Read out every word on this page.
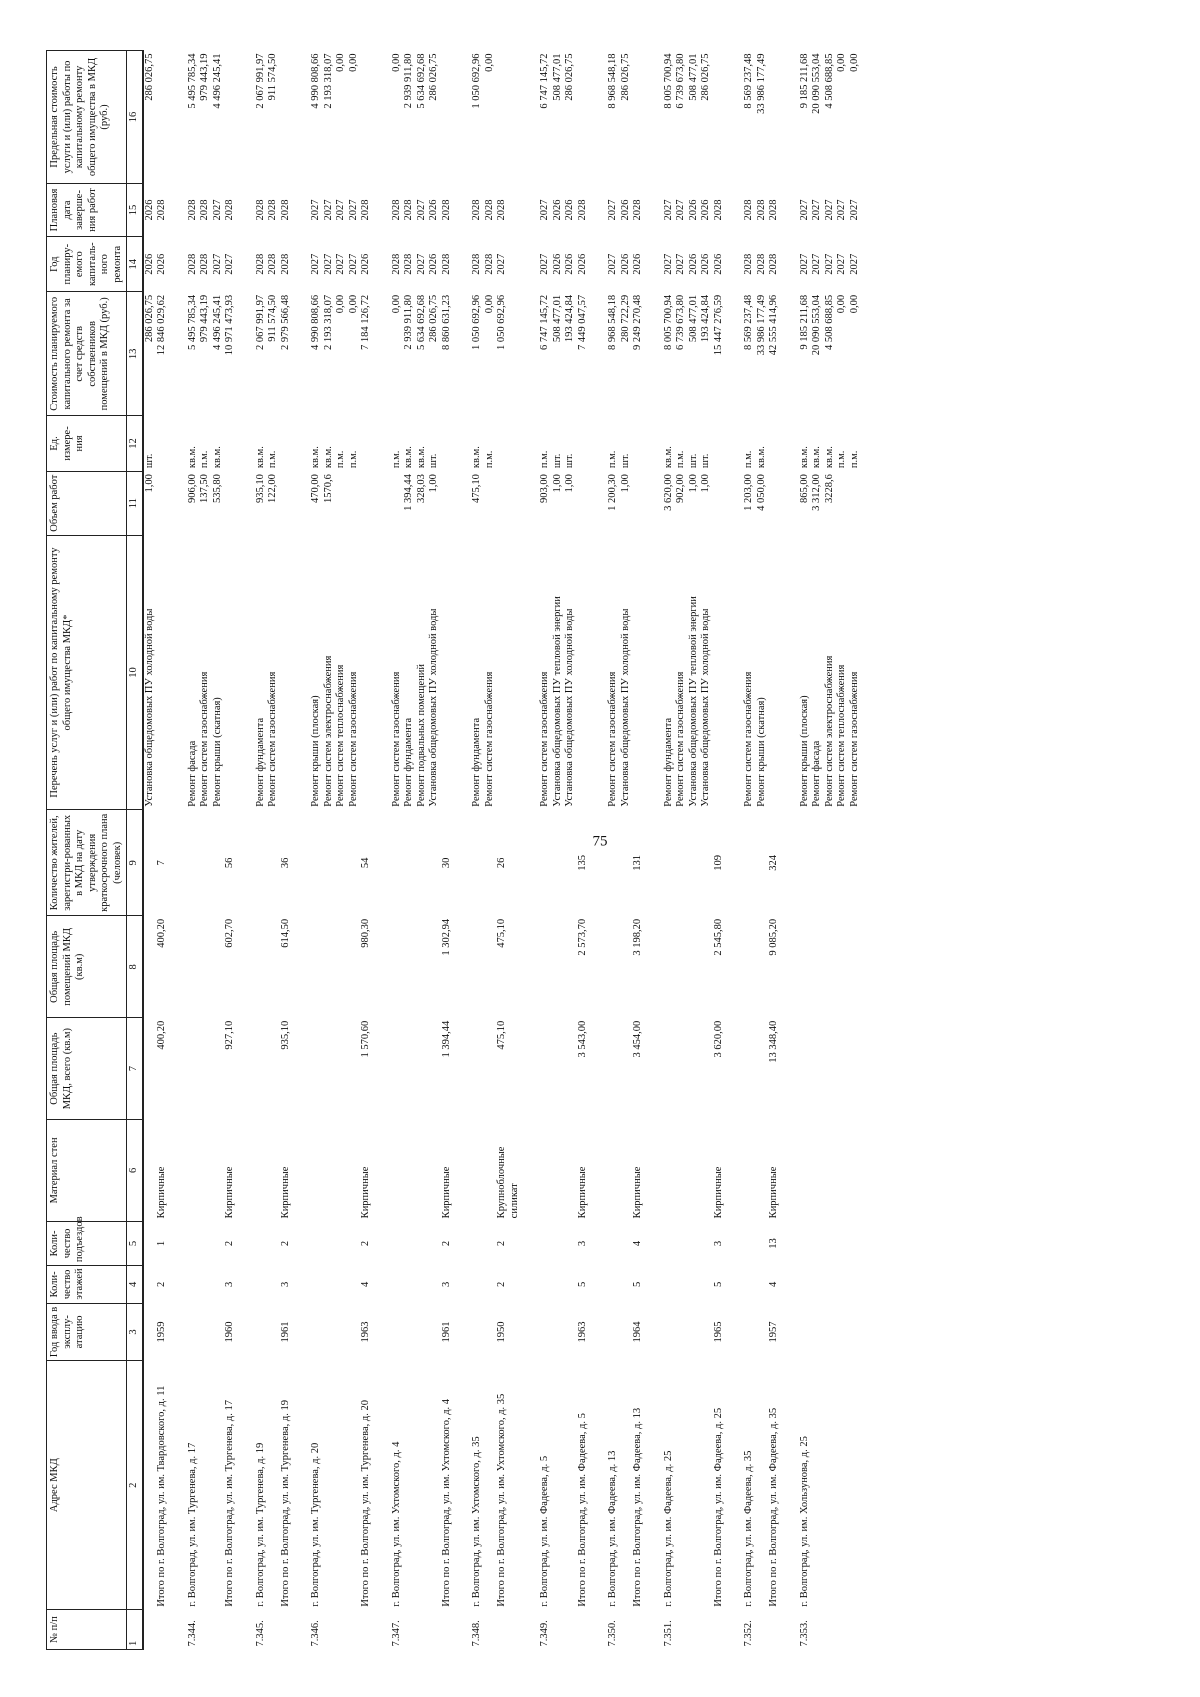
75
№ п/п	Адрес МКД	Год ввода в эксплу-атацию	Коли-чество этажей	Коли-чество подъездов	Материал стен	Общая площадь МКД, всего (кв.м)	Общая площадь помещений МКД (кв.м)	Количество жителей, зарегистри-рованных в МКД на дату утверждения краткосрочного плана (человек)	Перечень услуг и (или) работ по капитальному ремонту общего имущества МКД*	Объем работ	Ед. измере-ния	Стоимость планируемого капитального ремонта за счет средств собственников помещений в МКД (руб.)	Год планиру-емого капиталь-ного ремонта	Плановая дата заверше-ния работ	Предельная стоимость услуги и (или) работы по капитальному ремонту общего имущества в МКД (руб.)
1	2	3	4	5	6	7	8	9	10	11	12	13	14	15	16
									Установка общедомовых ПУ холодной воды	1,00	шт.	286 026,75	2026	2026	286 026,75
	Итого по г. Волгоград, ул. им. Твардовского, д. 11	1959	2	1	Кирпичные	400,20	400,20	7				12 846 029,62	2026	2028	

7.344.	г. Волгоград, ул. им. Тургенева, д. 17								Ремонт фасада	906,00	кв.м.	5 495 785,34	2028	2028	5 495 785,34
									Ремонт систем газоснабжения	137,50	п.м.	979 443,19	2028	2028	979 443,19
									Ремонт крыши (скатная)	535,80	кв.м.	4 496 245,41	2027	2027	4 496 245,41
	Итого по г. Волгоград, ул. им. Тургенева, д. 17	1960	3	2	Кирпичные	927,10	602,70	56				10 971 473,93	2027	2028	

7.345.	г. Волгоград, ул. им. Тургенева, д. 19								Ремонт фундамента	935,10	кв.м.	2 067 991,97	2028	2028	2 067 991,97
									Ремонт систем газоснабжения	122,00	п.м.	911 574,50	2028	2028	911 574,50
	Итого по г. Волгоград, ул. им. Тургенева, д. 19	1961	3	2	Кирпичные	935,10	614,50	36				2 979 566,48	2028	2028	

7.346.	г. Волгоград, ул. им. Тургенева, д. 20								Ремонт крыши (плоская)	470,00	кв.м.	4 990 808,66	2027	2027	4 990 808,66
									Ремонт систем электроснабжения	1570,6	кв.м.	2 193 318,07	2027	2027	2 193 318,07
									Ремонт систем теплоснабжения		п.м.	0,00	2027	2027	0,00
									Ремонт систем газоснабжения		п.м.	0,00	2027	2027	0,00
	Итого по г. Волгоград, ул. им. Тургенева, д. 20	1963	4	2	Кирпичные	1 570,60	980,30	54				7 184 126,72	2026	2028	

7.347.	г. Волгоград, ул. им. Ухтомского, д. 4								Ремонт систем газоснабжения		п.м.	0,00	2028	2028	0,00
									Ремонт фундамента	1 394,44	кв.м.	2 939 911,80	2028	2028	2 939 911,80
									Ремонт подвальных помещений	328,03	кв.м.	5 634 692,68	2027	2027	5 634 692,68
									Установка общедомовых ПУ холодной воды	1,00	шт.	286 026,75	2026	2026	286 026,75
	Итого по г. Волгоград, ул. им. Ухтомского, д. 4	1961	3	2	Кирпичные	1 394,44	1 302,94	30				8 860 631,23	2028	2028	

7.348.	г. Волгоград, ул. им. Ухтомского, д. 35								Ремонт фундамента	475,10	кв.м.	1 050 692,96	2028	2028	1 050 692,96
									Ремонт систем газоснабжения		п.м.	0,00	2028	2028	0,00
	Итого по г. Волгоград, ул. им. Ухтомского, д. 35	1950	2	2	Крупноблочные силикат	475,10	475,10	26				1 050 692,96	2027	2028	

7.349.	г. Волгоград, ул. им. Фадеева, д. 5								Ремонт систем газоснабжения	903,00	п.м.	6 747 145,72	2027	2027	6 747 145,72
									Установка общедомовых ПУ тепловой энергии	1,00	шт.	508 477,01	2026	2026	508 477,01
									Установка общедомовых ПУ холодной воды	1,00	шт.	193 424,84	2026	2026	286 026,75
	Итого по г. Волгоград, ул. им. Фадеева, д. 5	1963	5	3	Кирпичные	3 543,00	2 573,70	135				7 449 047,57	2026	2028	

7.350.	г. Волгоград, ул. им. Фадеева, д. 13								Ремонт систем газоснабжения	1 200,30	п.м.	8 968 548,18	2027	2027	8 968 548,18
									Установка общедомовых ПУ холодной воды	1,00	шт.	280 722,29	2026	2026	286 026,75
	Итого по г. Волгоград, ул. им. Фадеева, д. 13	1964	5	4	Кирпичные	3 454,00	3 198,20	131				9 249 270,48	2026	2028	

7.351.	г. Волгоград, ул. им. Фадеева, д. 25								Ремонт фундамента	3 620,00	кв.м.	8 005 700,94	2027	2027	8 005 700,94
									Ремонт систем газоснабжения	902,00	п.м.	6 739 673,80	2027	2027	6 739 673,80
									Установка общедомовых ПУ тепловой энергии	1,00	шт.	508 477,01	2026	2026	508 477,01
									Установка общедомовых ПУ холодной воды	1,00	шт.	193 424,84	2026	2026	286 026,75
	Итого по г. Волгоград, ул. им. Фадеева, д. 25	1965	5	3	Кирпичные	3 620,00	2 545,80	109				15 447 276,59	2026	2028	

7.352.	г. Волгоград, ул. им. Фадеева, д. 35								Ремонт систем газоснабжения	1 203,00	п.м.	8 569 237,48	2028	2028	8 569 237,48
									Ремонт крыши (скатная)	4 050,00	кв.м.	33 986 177,49	2028	2028	33 986 177,49
	Итого по г. Волгоград, ул. им. Фадеева, д. 35	1957	4	13	Кирпичные	13 348,40	9 085,20	324				42 555 414,96	2028	2028	

7.353.	г. Волгоград, ул. им. Хользунова, д. 25								Ремонт крыши (плоская)	865,00	кв.м.	9 185 211,68	2027	2027	9 185 211,68
									Ремонт фасада	3 312,00	кв.м.	20 090 553,04	2027	2027	20 090 553,04
									Ремонт систем электроснабжения	3228,6	кв.м.	4 508 688,85	2027	2027	4 508 688,85
									Ремонт систем теплоснабжения		п.м.	0,00	2027	2027	0,00
									Ремонт систем газоснабжения		п.м.	0,00	2027	2027	0,00
